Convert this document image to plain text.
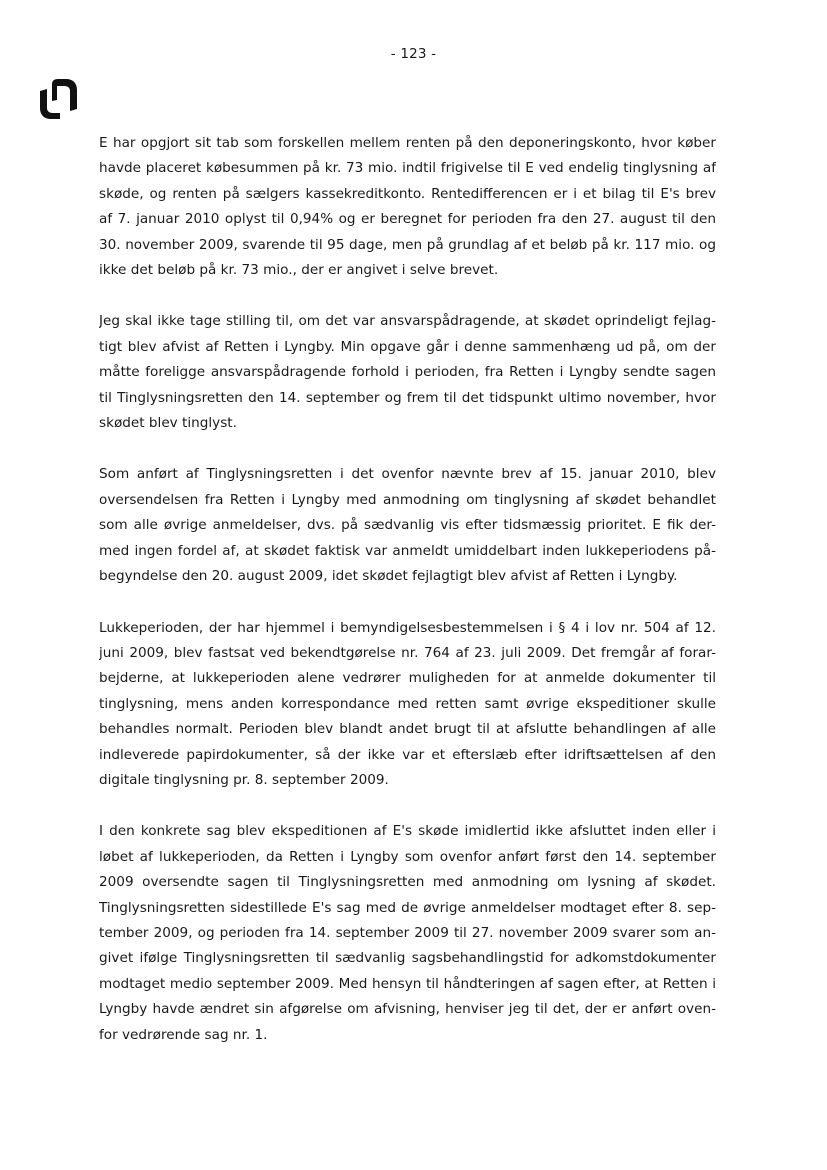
- 123 -

E har opgjort sit tab som forskellen mellem renten på den deponeringskonto, hvor køber
havde placeret købesummen på kr. 73 mio. indtil frigivelse til E ved endelig tinglysning af
skøde, og renten på sælgers kassekreditkonto. Rentedifferencen er i et bilag til E's brev
af 7. januar 2010 oplyst til 0,94% og er beregnet for perioden fra den 27. august til den
30. november 2009, svarende til 95 dage, men på grundlag af et beløb på kr. 117 mio. og
ikke det beløb på kr. 73 mio., der er angivet i selve brevet.

Jeg skal ikke tage stilling til, om det var ansvarspådragende, at skødet oprindeligt fejlag-
tigt blev afvist af Retten i Lyngby. Min opgave går i denne sammenhæng ud på, om der
måtte foreligge ansvarspådragende forhold i perioden, fra Retten i Lyngby sendte sagen
til Tinglysningsretten den 14. september og frem til det tidspunkt ultimo november, hvor
skødet blev tinglyst.

Som anført af Tinglysningsretten i det ovenfor nævnte brev af 15. januar 2010, blev
oversendelsen fra Retten i Lyngby med anmodning om tinglysning af skødet behandlet
som alle øvrige anmeldelser, dvs. på sædvanlig vis efter tidsmæssig prioritet. E fik der-
med ingen fordel af, at skødet faktisk var anmeldt umiddelbart inden lukkeperiodens på-
begyndelse den 20. august 2009, idet skødet fejlagtigt blev afvist af Retten i Lyngby.

Lukkeperioden, der har hjemmel i bemyndigelsesbestemmelsen i § 4 i lov nr. 504 af 12.
juni 2009, blev fastsat ved bekendtgørelse nr. 764 af 23. juli 2009. Det fremgår af forar-
bejderne, at lukkeperioden alene vedrører muligheden for at anmelde dokumenter til
tinglysning, mens anden korrespondance med retten samt øvrige ekspeditioner skulle
behandles normalt. Perioden blev blandt andet brugt til at afslutte behandlingen af alle
indleverede papirdokumenter, så der ikke var et efterslæb efter idriftsættelsen af den
digitale tinglysning pr. 8. september 2009.

I den konkrete sag blev ekspeditionen af E's skøde imidlertid ikke afsluttet inden eller i
løbet af lukkeperioden, da Retten i Lyngby som ovenfor anført først den 14. september
2009 oversendte sagen til Tinglysningsretten med anmodning om lysning af skødet.
Tinglysningsretten sidestillede E's sag med de øvrige anmeldelser modtaget efter 8. sep-
tember 2009, og perioden fra 14. september 2009 til 27. november 2009 svarer som an-
givet ifølge Tinglysningsretten til sædvanlig sagsbehandlingstid for adkomstdokumenter
modtaget medio september 2009. Med hensyn til håndteringen af sagen efter, at Retten i
Lyngby havde ændret sin afgørelse om afvisning, henviser jeg til det, der er anført oven-
for vedrørende sag nr. 1.
